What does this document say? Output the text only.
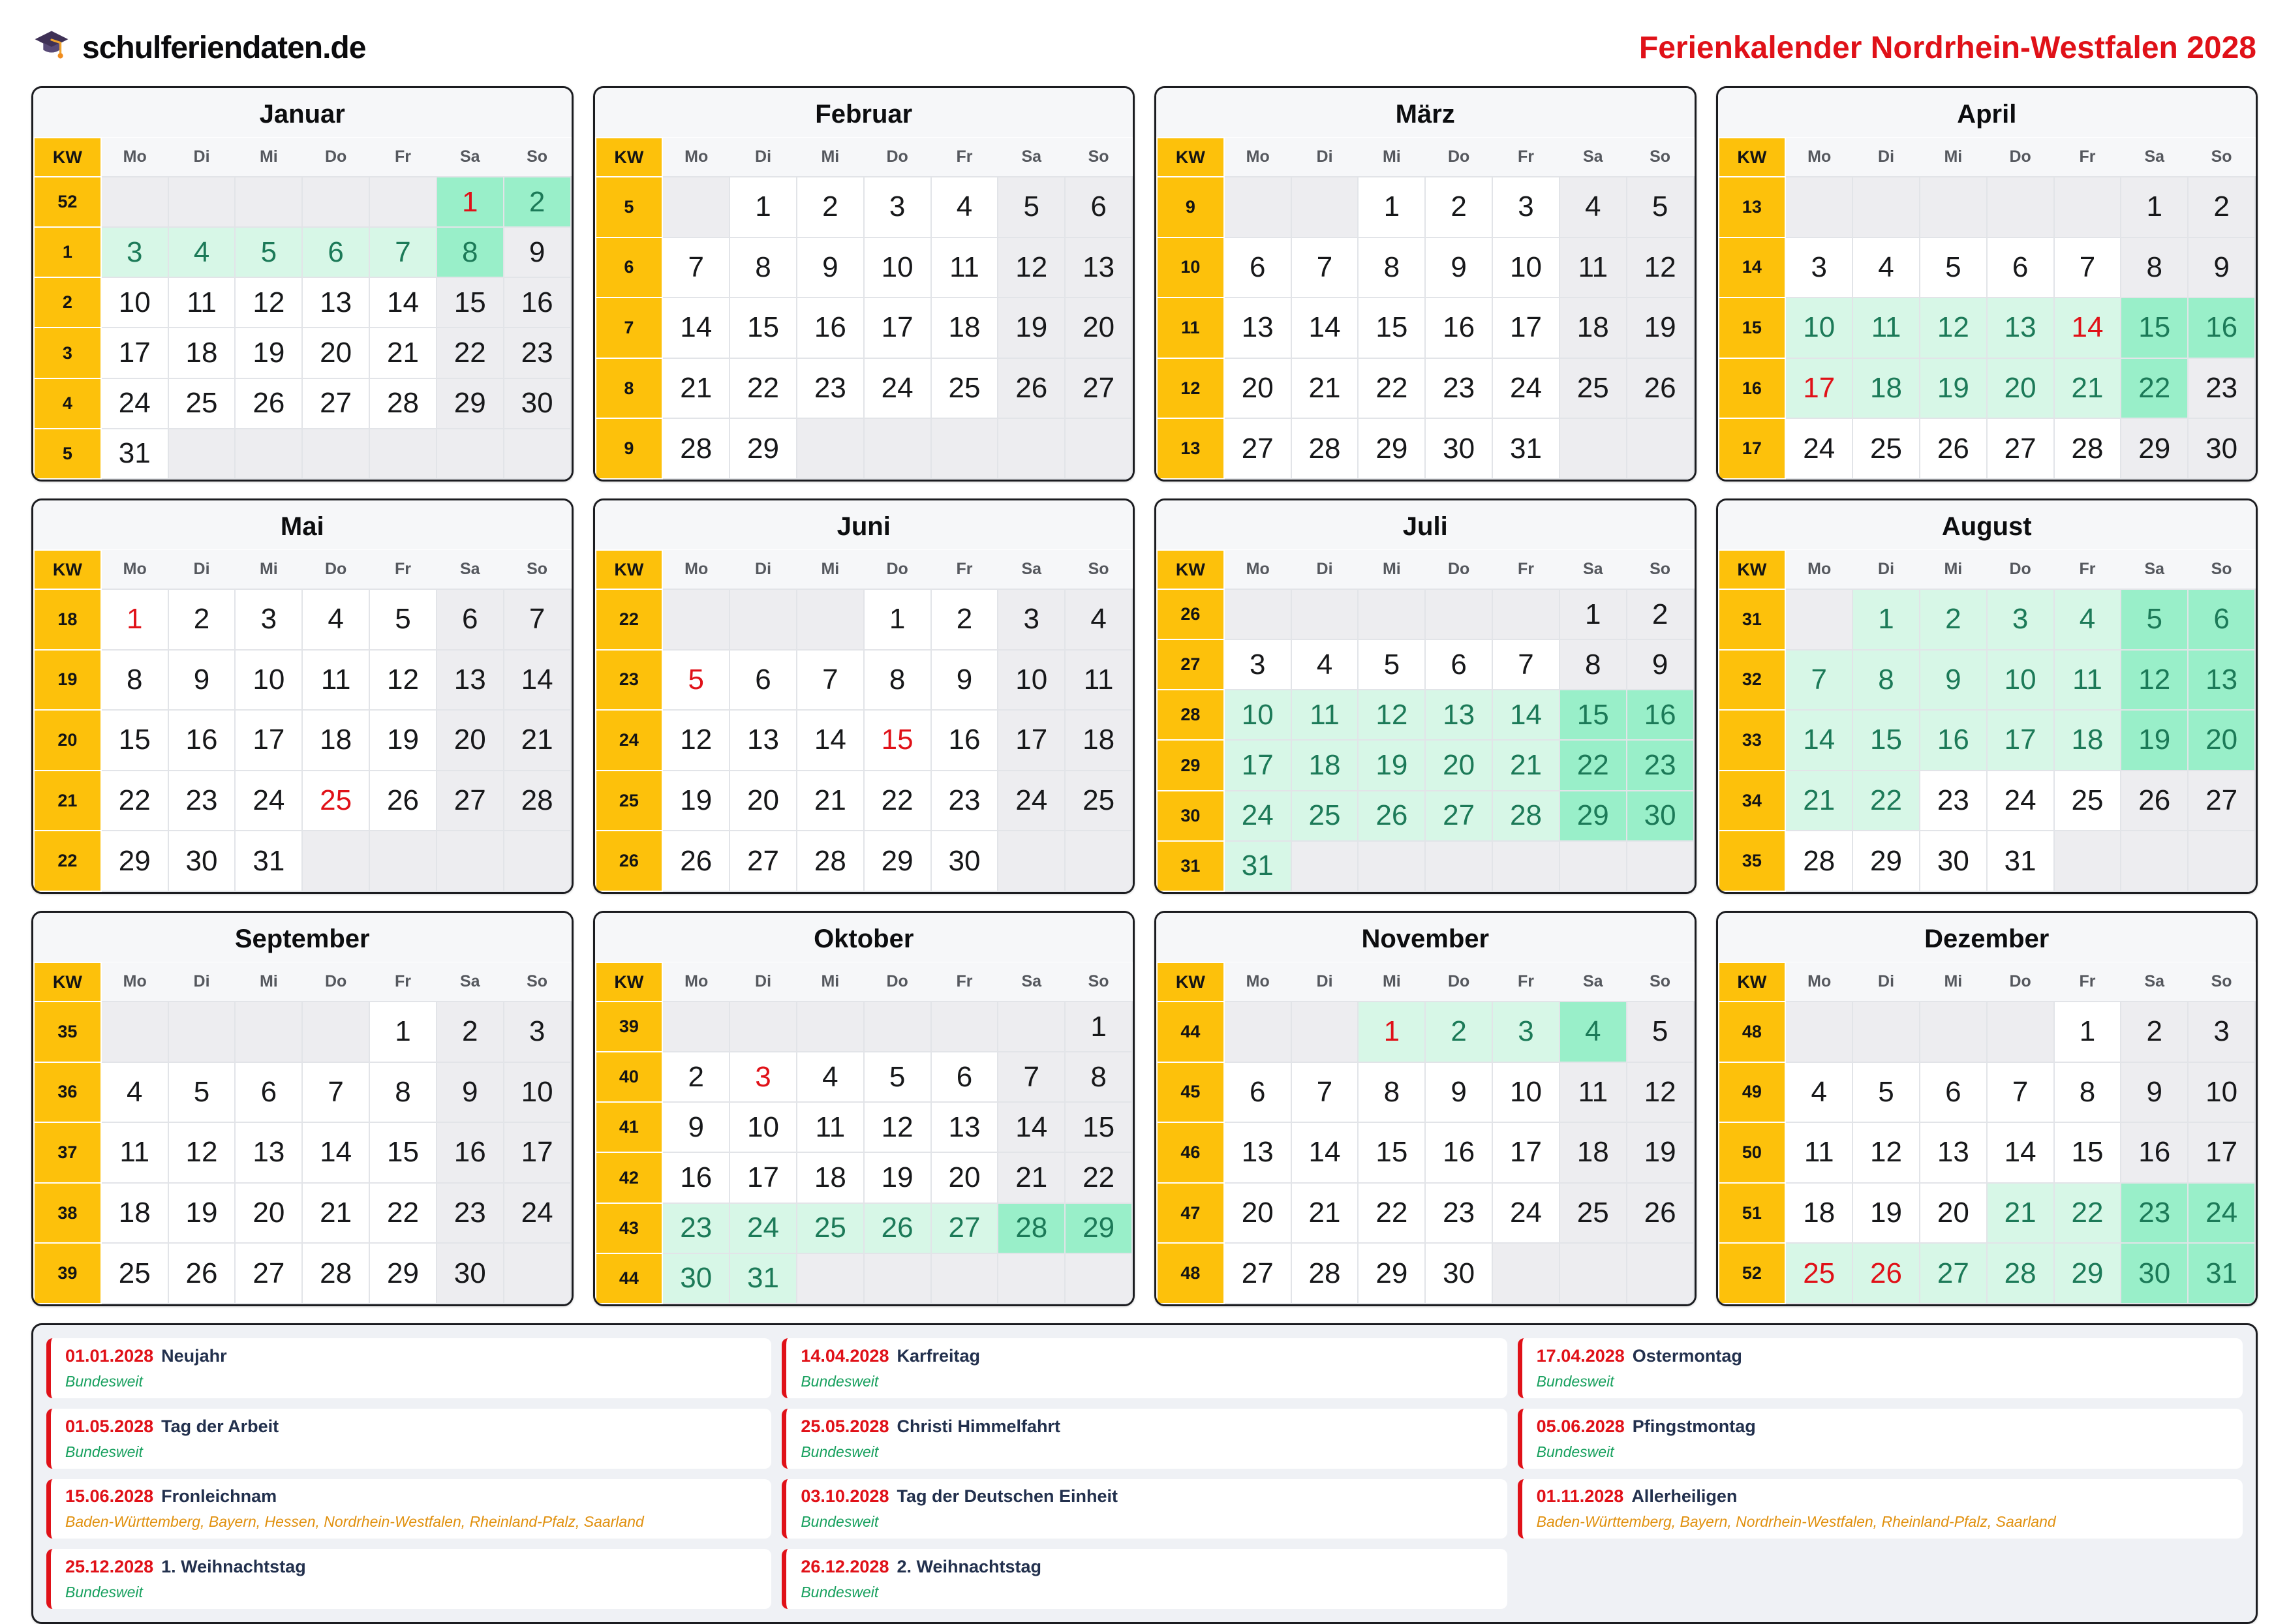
schulferiendaten.de	Ferienkalender Nordrhein-Westfalen 2028
Januar
KW	Mo	Di	Mi	Do	Fr	Sa	So
52						1	2
1	3	4	5	6	7	8	9
2	10	11	12	13	14	15	16
3	17	18	19	20	21	22	23
4	24	25	26	27	28	29	30
5	31						
Februar
KW	Mo	Di	Mi	Do	Fr	Sa	So
5		1	2	3	4	5	6
6	7	8	9	10	11	12	13
7	14	15	16	17	18	19	20
8	21	22	23	24	25	26	27
9	28	29					
März
KW	Mo	Di	Mi	Do	Fr	Sa	So
9			1	2	3	4	5
10	6	7	8	9	10	11	12
11	13	14	15	16	17	18	19
12	20	21	22	23	24	25	26
13	27	28	29	30	31		
April
KW	Mo	Di	Mi	Do	Fr	Sa	So
13						1	2
14	3	4	5	6	7	8	9
15	10	11	12	13	14	15	16
16	17	18	19	20	21	22	23
17	24	25	26	27	28	29	30
Mai
KW	Mo	Di	Mi	Do	Fr	Sa	So
18	1	2	3	4	5	6	7
19	8	9	10	11	12	13	14
20	15	16	17	18	19	20	21
21	22	23	24	25	26	27	28
22	29	30	31				
Juni
KW	Mo	Di	Mi	Do	Fr	Sa	So
22				1	2	3	4
23	5	6	7	8	9	10	11
24	12	13	14	15	16	17	18
25	19	20	21	22	23	24	25
26	26	27	28	29	30		
Juli
KW	Mo	Di	Mi	Do	Fr	Sa	So
26						1	2
27	3	4	5	6	7	8	9
28	10	11	12	13	14	15	16
29	17	18	19	20	21	22	23
30	24	25	26	27	28	29	30
31	31						
August
KW	Mo	Di	Mi	Do	Fr	Sa	So
31		1	2	3	4	5	6
32	7	8	9	10	11	12	13
33	14	15	16	17	18	19	20
34	21	22	23	24	25	26	27
35	28	29	30	31			
September
KW	Mo	Di	Mi	Do	Fr	Sa	So
35					1	2	3
36	4	5	6	7	8	9	10
37	11	12	13	14	15	16	17
38	18	19	20	21	22	23	24
39	25	26	27	28	29	30	
Oktober
KW	Mo	Di	Mi	Do	Fr	Sa	So
39							1
40	2	3	4	5	6	7	8
41	9	10	11	12	13	14	15
42	16	17	18	19	20	21	22
43	23	24	25	26	27	28	29
44	30	31					
November
KW	Mo	Di	Mi	Do	Fr	Sa	So
44			1	2	3	4	5
45	6	7	8	9	10	11	12
46	13	14	15	16	17	18	19
47	20	21	22	23	24	25	26
48	27	28	29	30			
Dezember
KW	Mo	Di	Mi	Do	Fr	Sa	So
48					1	2	3
49	4	5	6	7	8	9	10
50	11	12	13	14	15	16	17
51	18	19	20	21	22	23	24
52	25	26	27	28	29	30	31
01.01.2028 Neujahr
Bundesweit
14.04.2028 Karfreitag
Bundesweit
17.04.2028 Ostermontag
Bundesweit
01.05.2028 Tag der Arbeit
Bundesweit
25.05.2028 Christi Himmelfahrt
Bundesweit
05.06.2028 Pfingstmontag
Bundesweit
15.06.2028 Fronleichnam
Baden-Württemberg, Bayern, Hessen, Nordrhein-Westfalen, Rheinland-Pfalz, Saarland
03.10.2028 Tag der Deutschen Einheit
Bundesweit
01.11.2028 Allerheiligen
Baden-Württemberg, Bayern, Nordrhein-Westfalen, Rheinland-Pfalz, Saarland
25.12.2028 1. Weihnachtstag
Bundesweit
26.12.2028 2. Weihnachtstag
Bundesweit
